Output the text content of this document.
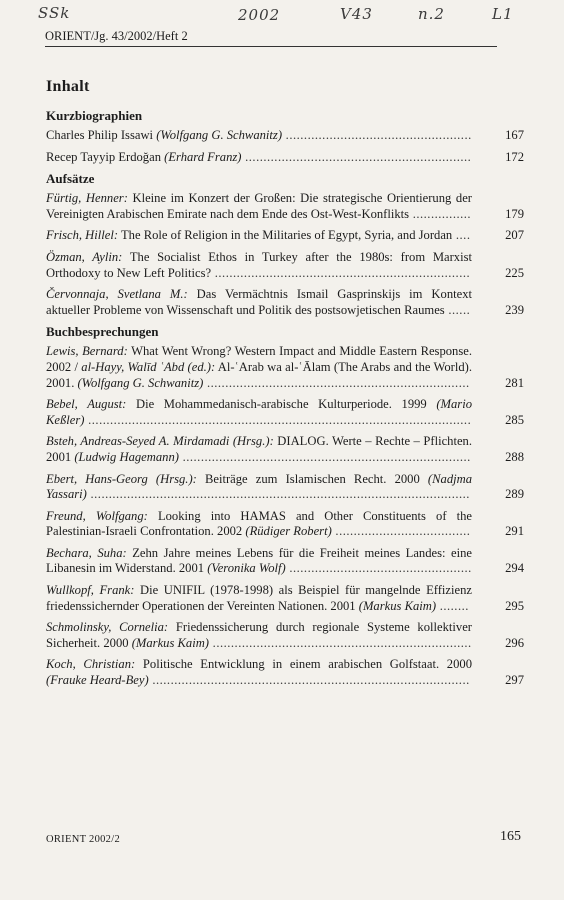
SSk	2002	V43	n.2	L1

ORIENT/Jg. 43/2002/Heft 2

Inhalt
Kurzbiographien
Charles Philip Issawi (Wolfgang G. Schwanitz) ...................................................	167
Recep Tayyip Erdoğan (Erhard Franz) ..............................................................	172
Aufsätze
Fürtig, Henner: Kleine im Konzert der Großen: Die strategische Orientierung der Vereinigten Arabischen Emirate nach dem Ende des Ost-West-Konflikts ................	179
Frisch, Hillel: The Role of Religion in the Militaries of Egypt, Syria, and Jordan ....	207
Özman, Aylin: The Socialist Ethos in Turkey after the 1980s: from Marxist Orthodoxy to New Left Politics? ......................................................................	225
Červonnaja, Svetlana M.: Das Vermächtnis Ismail Gasprinskijs im Kontext aktueller Probleme von Wissenschaft und Politik des postsowjetischen Raumes ......	239
Buchbesprechungen
Lewis, Bernard: What Went Wrong? Western Impact and Middle Eastern Response. 2002 / al-Hayy, Walīd ʿAbd (ed.): Al-ʿArab wa al-ʿĀlam (The Arabs and the World). 2001. (Wolfgang G. Schwanitz) ........................................................................	281
Bebel, August: Die Mohammedanisch-arabische Kulturperiode. 1999 (Mario Keßler) .........................................................................................................	285
Bsteh, Andreas-Seyed A. Mirdamadi (Hrsg.): DIALOG. Werte – Rechte – Pflichten. 2001 (Ludwig Hagemann) ...............................................................................	288
Ebert, Hans-Georg (Hrsg.): Beiträge zum Islamischen Recht. 2000 (Nadjma Yassari) ........................................................................................................	289
Freund, Wolfgang: Looking into HAMAS and Other Constituents of the Palestinian-Israeli Confrontation. 2002 (Rüdiger Robert) .....................................	291
Bechara, Suha: Zehn Jahre meines Lebens für die Freiheit meines Landes: eine Libanesin im Widerstand. 2001 (Veronika Wolf) ..................................................	294
Wullkopf, Frank: Die UNIFIL (1978-1998) als Beispiel für mangelnde Effizienz friedenssichernder Operationen der Vereinten Nationen. 2001 (Markus Kaim) ........	295
Schmolinsky, Cornelia: Friedenssicherung durch regionale Systeme kollektiver Sicherheit. 2000 (Markus Kaim) .......................................................................	296
Koch, Christian: Politische Entwicklung in einem arabischen Golfstaat. 2000 (Frauke Heard-Bey) .......................................................................................	297
ORIENT 2002/2	165
